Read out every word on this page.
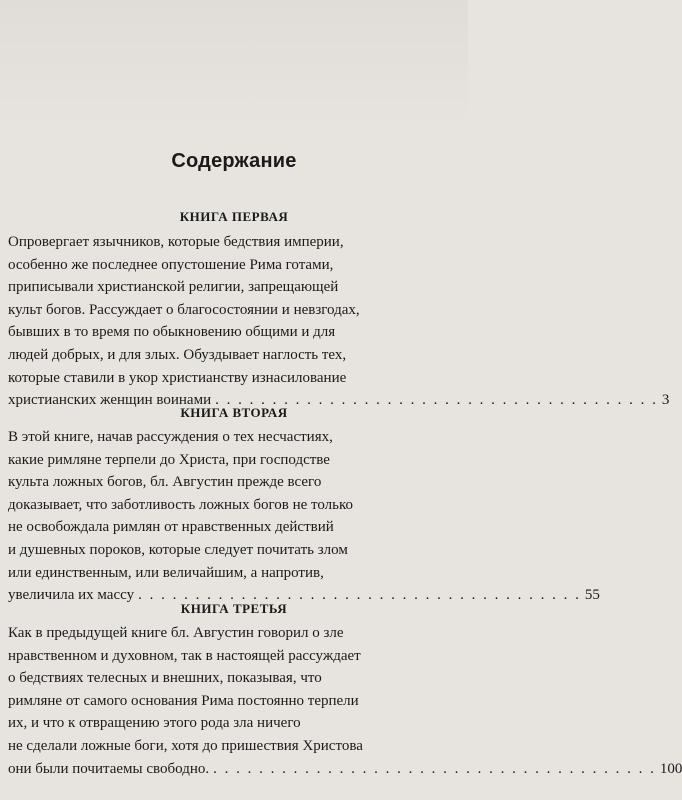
Содержание
КНИГА ПЕРВАЯ
Опровергает язычников, которые бедствия империи,
особенно же последнее опустошение Рима готами,
приписывали христианской религии, запрещающей
культ богов. Рассуждает о благосостоянии и невзгодах,
бывших в то время по обыкновению общими и для
людей добрых, и для злых. Обуздывает наглость тех,
которые ставили в укор христианству изнасилование
христианских женщин воинами . . . . . . . . . . . . . . . . . . . . . . . . . . . . . . . . . . . . . . . 3
КНИГА ВТОРАЯ
В этой книге, начав рассуждения о тех несчастиях,
какие римляне терпели до Христа, при господстве
культа ложных богов, бл. Августин прежде всего
доказывает, что заботливость ложных богов не только
не освобождала римлян от нравственных действий
и душевных пороков, которые следует почитать злом
или единственным, или величайшим, а напротив,
увеличила их массу . . . . . . . . . . . . . . . . . . . . . . . . . . . . . . . . . . . . . . . 55
КНИГА ТРЕТЬЯ
Как в предыдущей книге бл. Августин говорил о зле
нравственном и духовном, так в настоящей рассуждает
о бедствиях телесных и внешних, показывая, что
римляне от самого основания Рима постоянно терпели
их, и что к отвращению этого рода зла ничего
не сделали ложные боги, хотя до пришествия Христова
они были почитаемы свободно. . . . . . . . . . . . . . . . . . . . . . . . . . . . . . . . . . . . . . . . 100
